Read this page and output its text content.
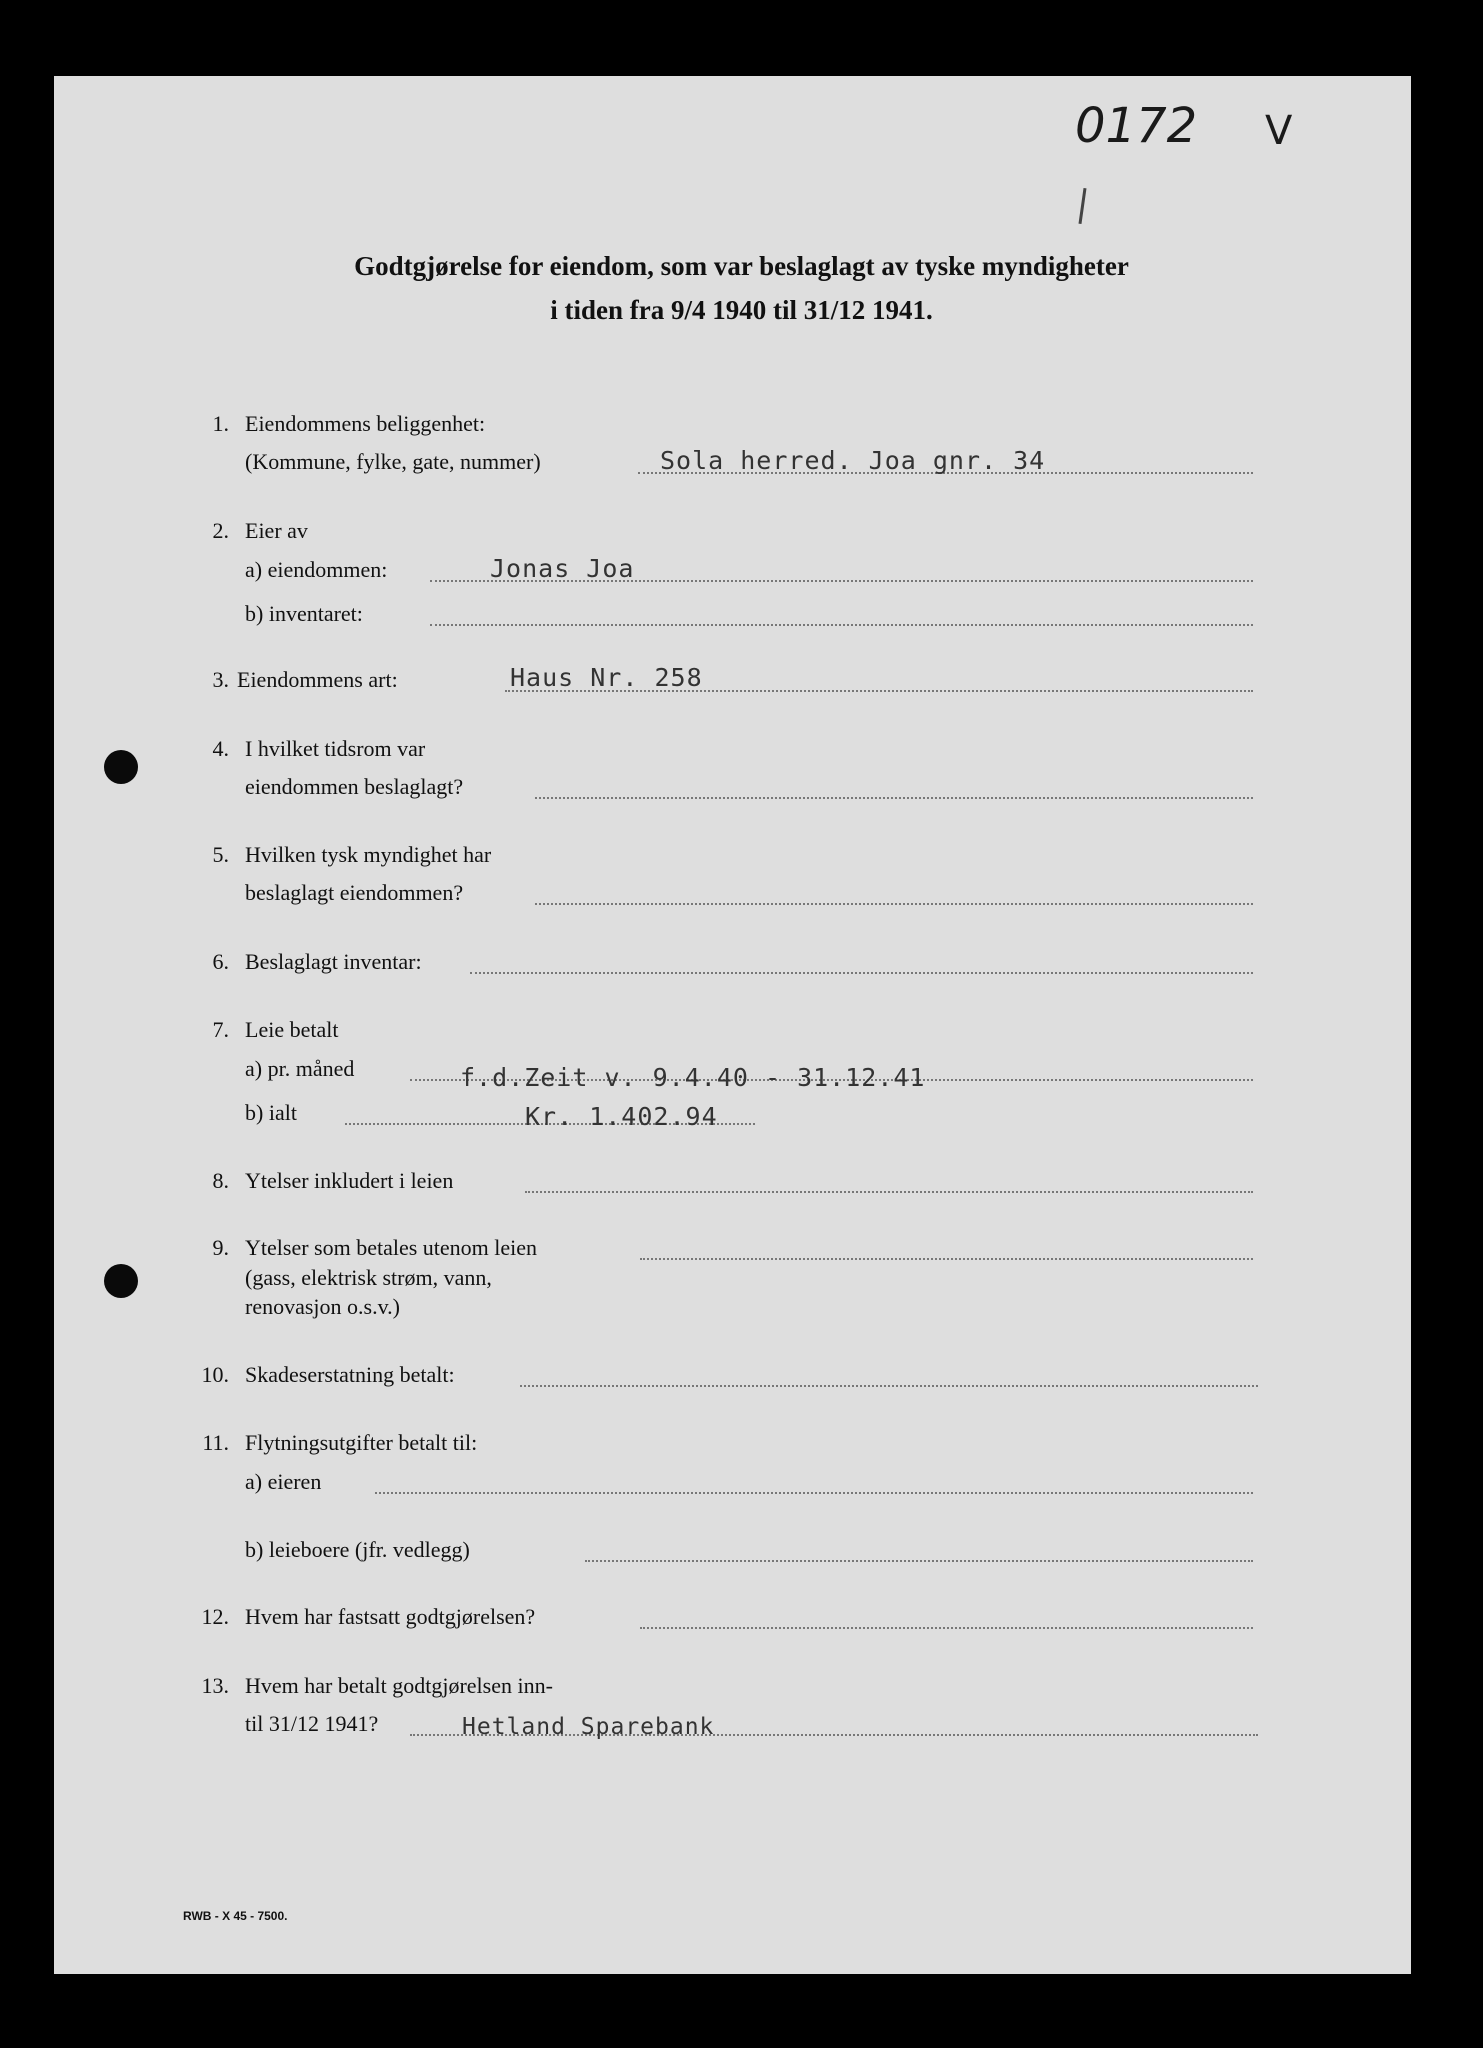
0172 V
Godtgjørelse for eiendom, som var beslaglagt av tyske myndigheter
i tiden fra 9/4 1940 til 31/12 1941.
1. Eiendommens beliggenhet:
(Kommune, fylke, gate, nummer)	Sola herred. Joa gnr. 34
2. Eier av
a) eiendommen:	Jonas Joa
b) inventaret:
3. Eiendommens art:	Haus Nr. 258
4. I hvilket tidsrom var
eiendommen beslaglagt?
5. Hvilken tysk myndighet har
beslaglagt eiendommen?
6. Beslaglagt inventar:
7. Leie betalt
a) pr. måned	f.d.Zeit v. 9.4.40 - 31.12.41
b) ialt	Kr. 1.402.94
8. Ytelser inkludert i leien
9. Ytelser som betales utenom leien
(gass, elektrisk strøm, vann,
renovasjon o.s.v.)
10. Skadeserstatning betalt:
11. Flytningsutgifter betalt til:
a) eieren
b) leieboere (jfr. vedlegg)
12. Hvem har fastsatt godtgjørelsen?
13. Hvem har betalt godtgjørelsen inn-
til 31/12 1941?	Hetland Sparebank
RWB - X 45 - 7500.
